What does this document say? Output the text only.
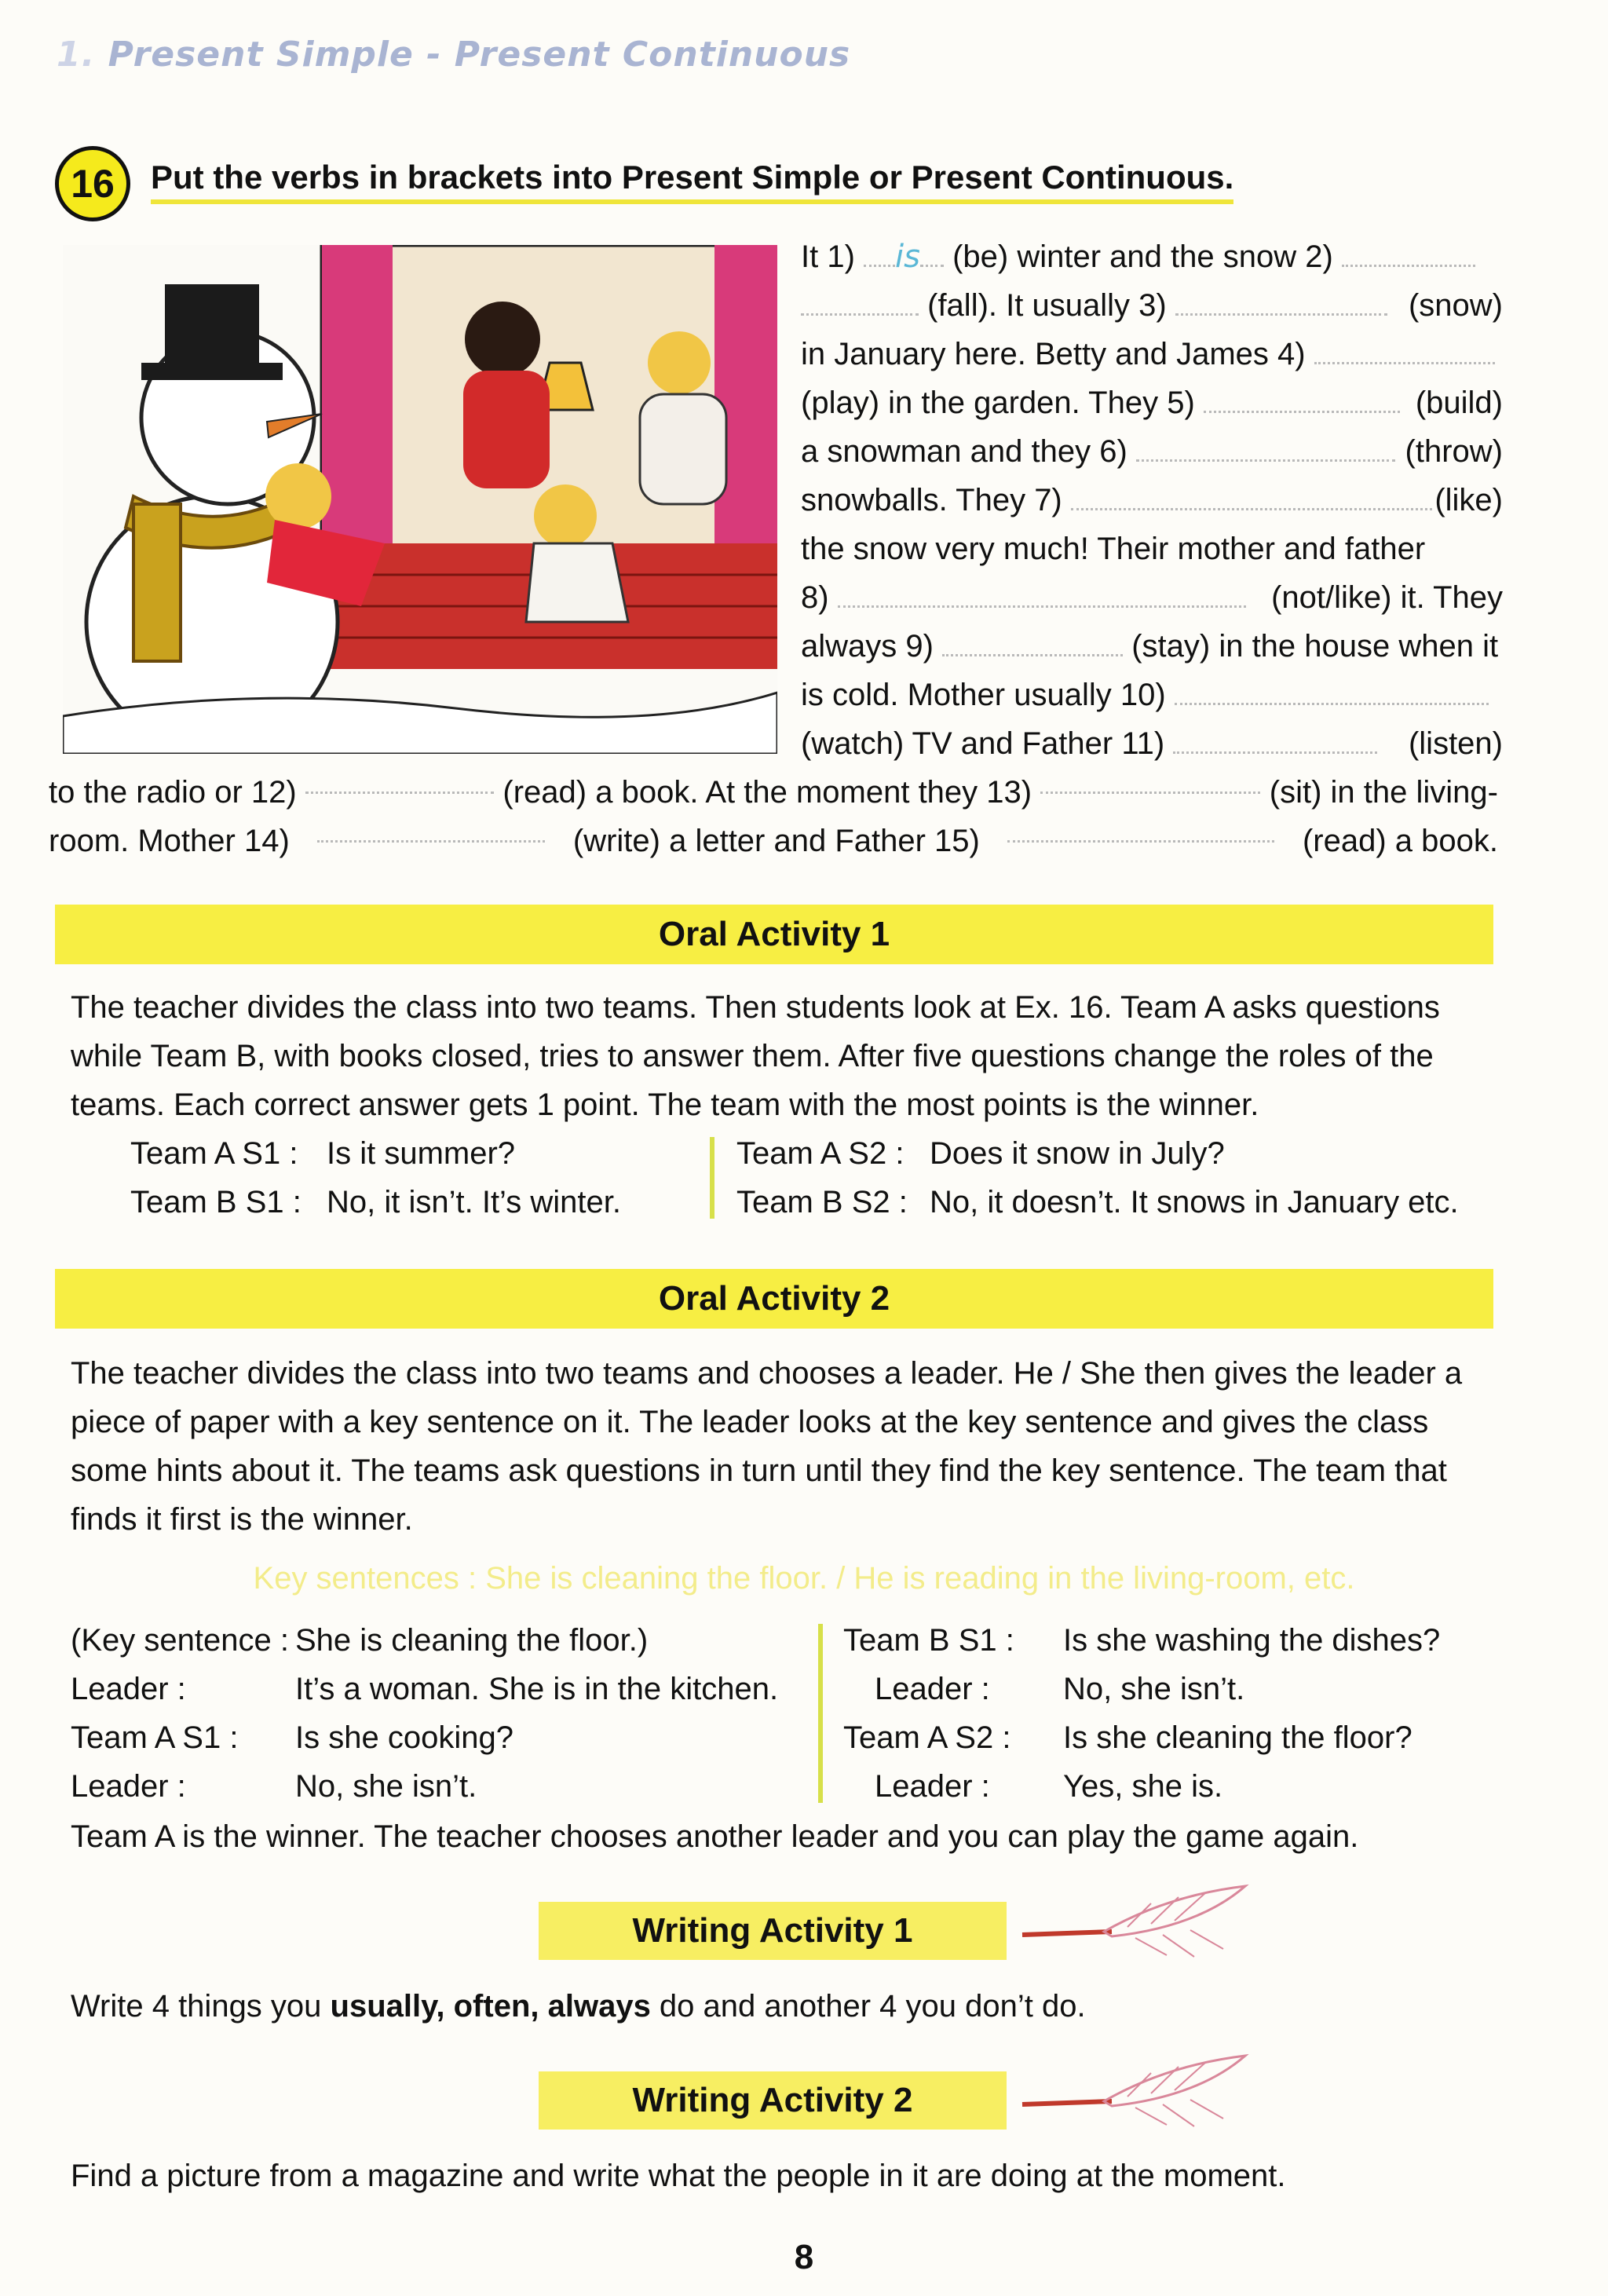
1. Present Simple - Present Continuous
16	Put the verbs in brackets into Present Simple or Present Continuous.
It 1) is (be) winter and the snow 2)
(fall). It usually 3)	(snow)
in January here. Betty and James 4)
(play) in the garden. They 5)	(build)
a snowman and they 6)	(throw)
snowballs. They 7)	(like)
the snow very much! Their mother and father
8)	(not/like) it. They
always 9)	(stay) in the house when it
is cold. Mother usually 10)
(watch) TV and Father 11)	(listen)
to the radio or 12)	(read) a book. At the moment they 13)	(sit) in the living-
room. Mother 14)	(write) a letter and Father 15)	(read) a book.
Oral Activity 1

The teacher divides the class into two teams. Then students look at Ex. 16. Team A asks questions while Team B, with books closed, tries to answer them. After five questions change the roles of the teams. Each correct answer gets 1 point. The team with the most points is the winner.

Team A S1 : Is it summer?
Team B S1 : No, it isn’t. It’s winter.
Team A S2 : Does it snow in July?
Team B S2 : No, it doesn’t. It snows in January etc.
Oral Activity 2

The teacher divides the class into two teams and chooses a leader. He / She then gives the leader a piece of paper with a key sentence on it. The leader looks at the key sentence and gives the class some hints about it. The teams ask questions in turn until they find the key sentence. The team that finds it first is the winner.

Key sentences : She is cleaning the floor. / He is reading in the living-room, etc.
(Key sentence : She is cleaning the floor.)
Leader :	It’s a woman. She is in the kitchen.
Team A S1 :	Is she cooking?
Leader :	No, she isn’t.
Team B S1 :	Is she washing the dishes?
Leader :	No, she isn’t.
Team A S2 :	Is she cleaning the floor?
Leader :	Yes, she is.
Team A is the winner. The teacher chooses another leader and you can play the game again.
Writing Activity 1
Write 4 things you usually, often, always do and another 4 you don’t do.
Writing Activity 2
Find a picture from a magazine and write what the people in it are doing at the moment.
8
